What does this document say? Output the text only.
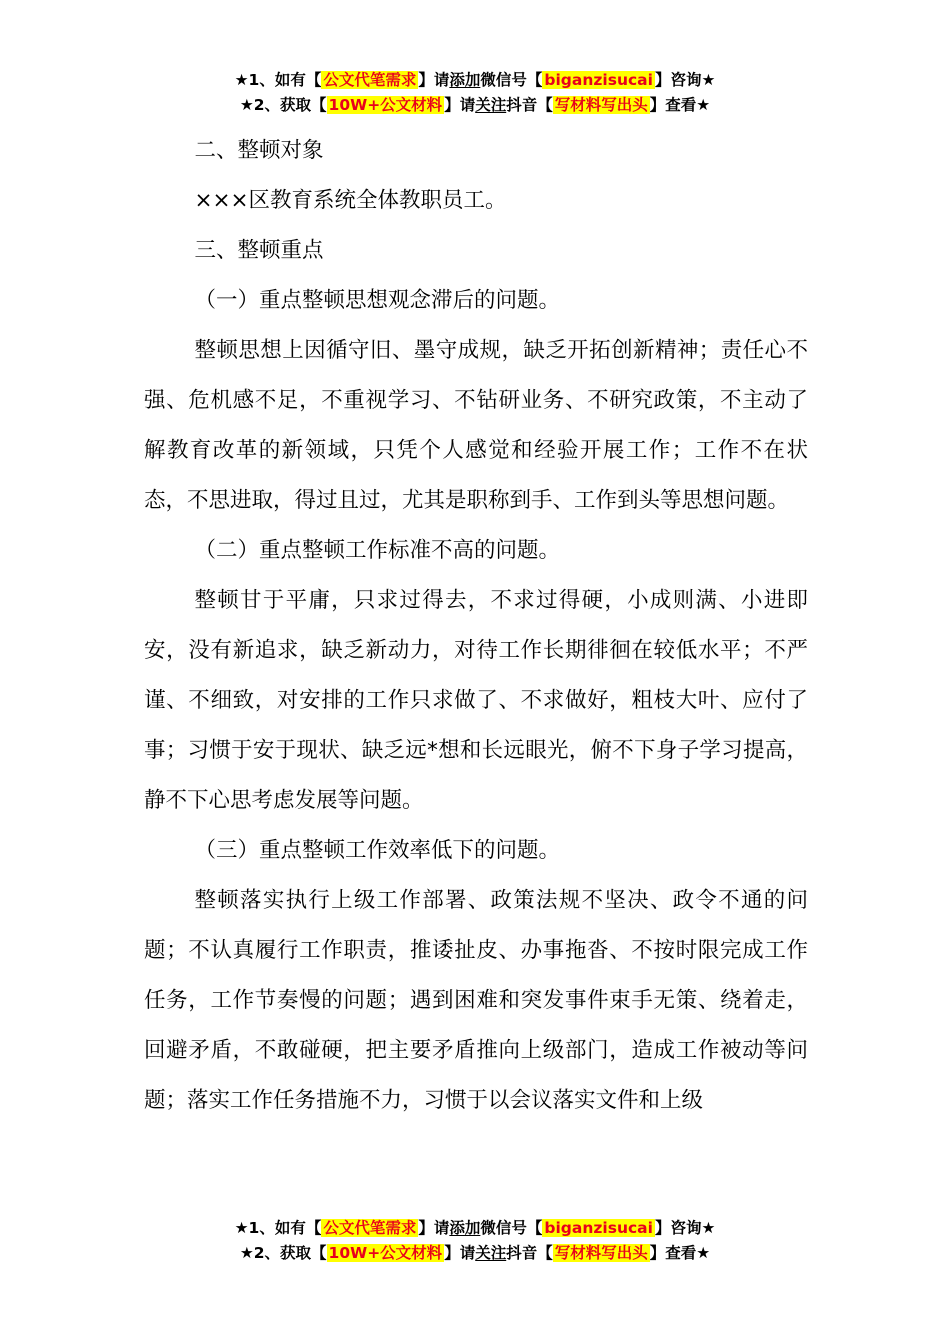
★1、如有【 公文代笔需求 】请添加微信号【 biganzisucai 】咨询★
★2、获取【 10W+公文材料 】请关注抖音【 写材料写出头 】查看★

二、整顿对象

×××区教育系统全体教职员工。

三、整顿重点

（一）重点整顿思想观念滞后的问题。

整顿思想上因循守旧、墨守成规，缺乏开拓创新精神；责任心不强、危机感不足，不重视学习、不钻研业务、不研究政策，不主动了解教育改革的新领域，只凭个人感觉和经验开展工作；工作不在状态，不思进取，得过且过，尤其是职称到手、工作到头等思想问题。

（二）重点整顿工作标准不高的问题。

整顿甘于平庸，只求过得去，不求过得硬，小成则满、小进即安，没有新追求，缺乏新动力，对待工作长期徘徊在较低水平；不严谨、不细致，对安排的工作只求做了、不求做好，粗枝大叶、应付了事；习惯于安于现状、缺乏远*想和长远眼光，俯不下身子学习提高，静不下心思考虑发展等问题。

（三）重点整顿工作效率低下的问题。

整顿落实执行上级工作部署、政策法规不坚决、政令不通的问题；不认真履行工作职责，推诿扯皮、办事拖沓、不按时限完成工作任务，工作节奏慢的问题；遇到困难和突发事件束手无策、绕着走，回避矛盾，不敢碰硬，把主要矛盾推向上级部门，造成工作被动等问题；落实工作任务措施不力，习惯于以会议落实文件和上级

★1、如有【 公文代笔需求 】请添加微信号【 biganzisucai 】咨询★
★2、获取【 10W+公文材料 】请关注抖音【 写材料写出头 】查看★
